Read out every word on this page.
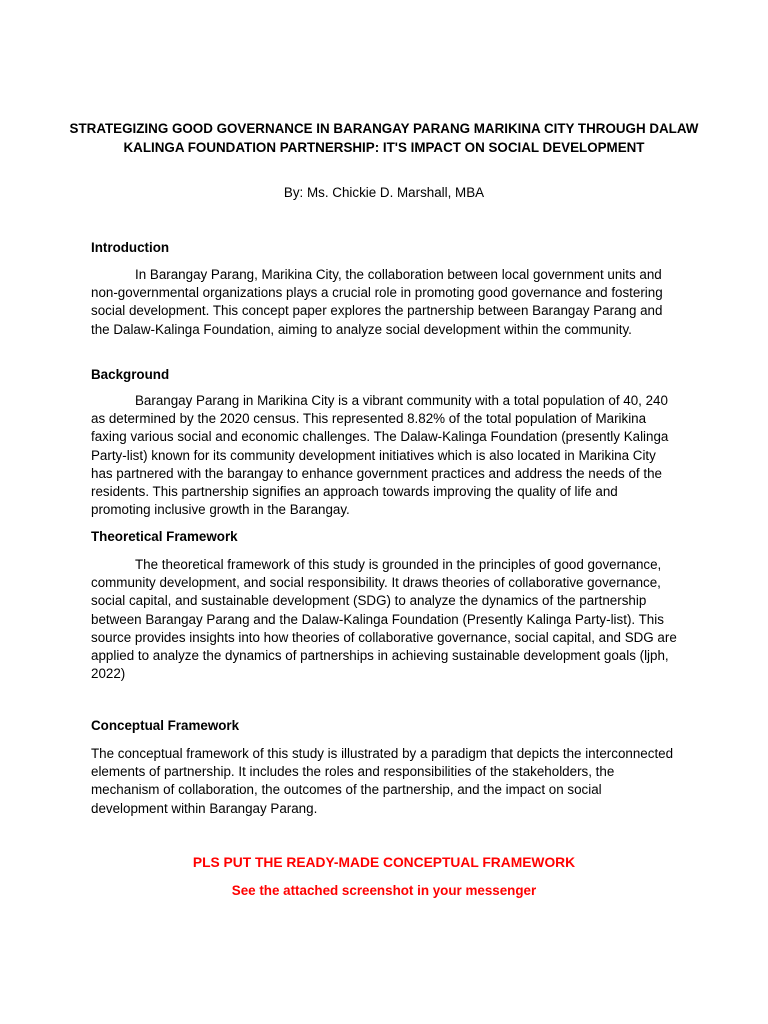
STRATEGIZING GOOD GOVERNANCE IN BARANGAY PARANG MARIKINA CITY THROUGH DALAW KALINGA FOUNDATION PARTNERSHIP: IT'S IMPACT ON SOCIAL DEVELOPMENT
By: Ms. Chickie D. Marshall, MBA
Introduction

In Barangay Parang, Marikina City, the collaboration between local government units and non-governmental organizations plays a crucial role in promoting good governance and fostering social development. This concept paper explores the partnership between Barangay Parang and the Dalaw-Kalinga Foundation, aiming to analyze social development within the community.

Background

Barangay Parang in Marikina City is a vibrant community with a total population of 40, 240 as determined by the 2020 census. This represented 8.82% of the total population of Marikina faxing various social and economic challenges. The Dalaw-Kalinga Foundation (presently Kalinga Party-list) known for its community development initiatives which is also located in Marikina City has partnered with the barangay to enhance government practices and address the needs of the residents. This partnership signifies an approach towards improving the quality of life and promoting inclusive growth in the Barangay.

Theoretical Framework

The theoretical framework of this study is grounded in the principles of good governance, community development, and social responsibility. It draws theories of collaborative governance, social capital, and sustainable development (SDG) to analyze the dynamics of the partnership between Barangay Parang and the Dalaw-Kalinga Foundation (Presently Kalinga Party-list). This source provides insights into how theories of collaborative governance, social capital, and SDG are applied to analyze the dynamics of partnerships in achieving sustainable development goals (ljph, 2022)

Conceptual Framework

The conceptual framework of this study is illustrated by a paradigm that depicts the interconnected elements of partnership. It includes the roles and responsibilities of the stakeholders, the mechanism of collaboration, the outcomes of the partnership, and the impact on social development within Barangay Parang.

PLS PUT THE READY-MADE CONCEPTUAL FRAMEWORK
See the attached screenshot in your messenger
